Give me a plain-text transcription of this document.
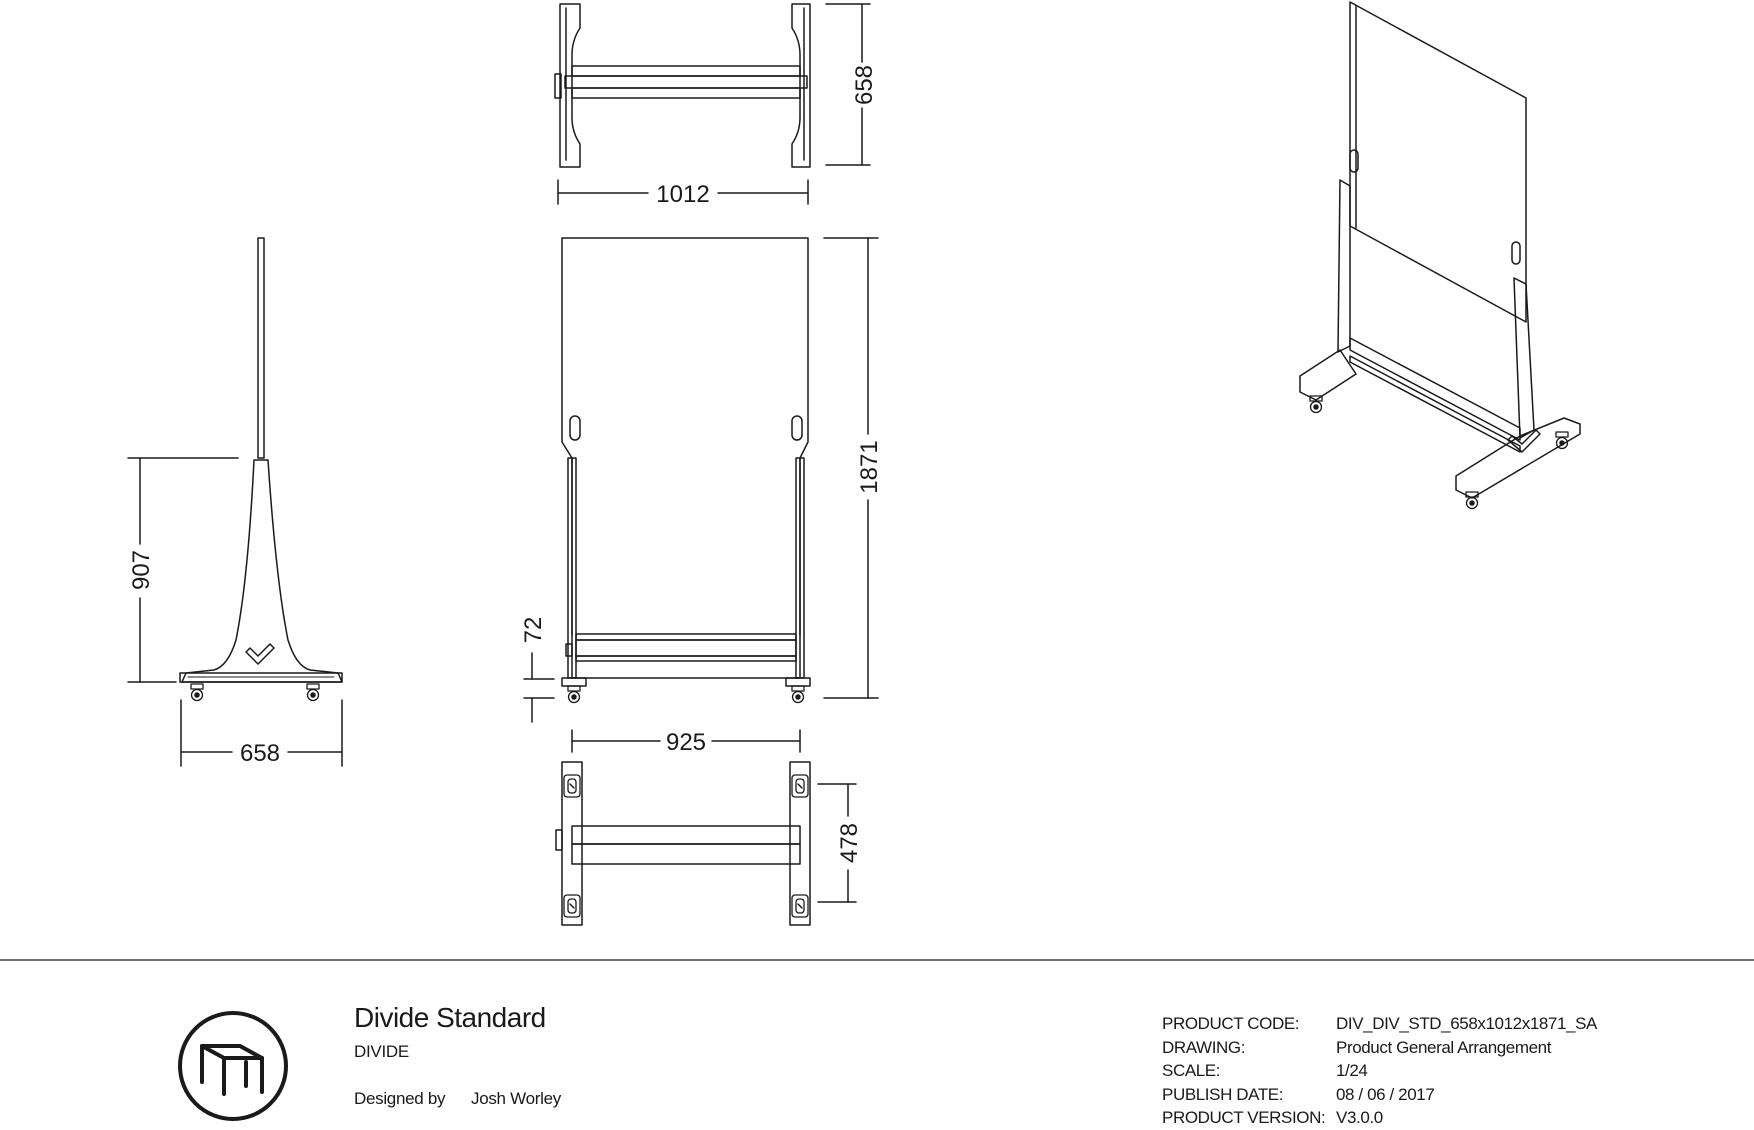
658
1012
907
658
1871
72
925
478
Divide Standard
DIVIDE
Designed by Josh Worley
PRODUCT CODE:	DIV_DIV_STD_658x1012x1871_SA
DRAWING:	Product General Arrangement
SCALE:	1/24
PUBLISH DATE:	08 / 06 / 2017
PRODUCT VERSION: V3.0.0
